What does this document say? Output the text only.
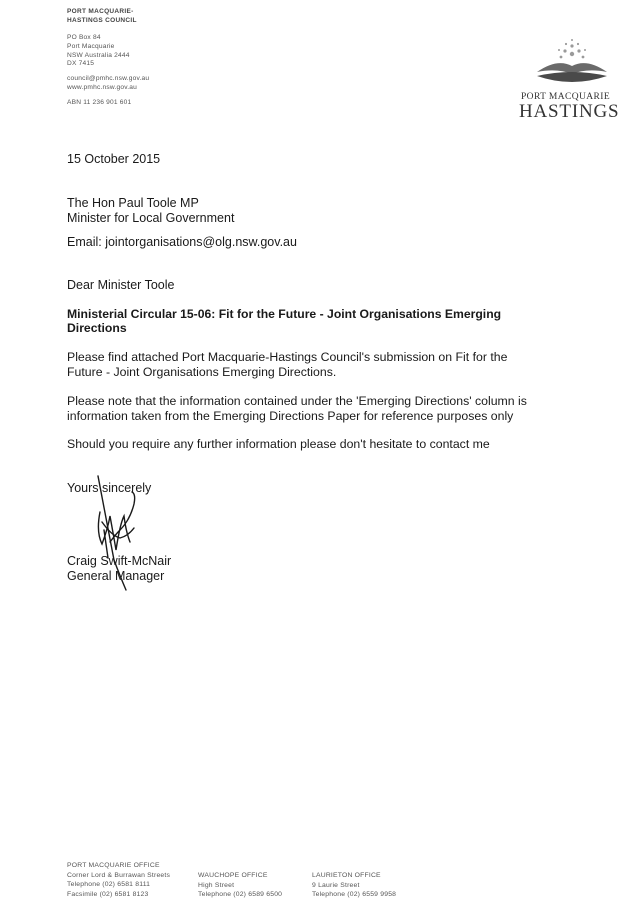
PORT MACQUARIE-
HASTINGS COUNCIL
PO Box 84
Port Macquarie
NSW Australia 2444
DX 7415
council@pmhc.nsw.gov.au
www.pmhc.nsw.gov.au
ABN 11 236 901 601
PORT MACQUARIE
HASTINGS
15 October 2015
The Hon Paul Toole MP
Minister for Local Government
Email: jointorganisations@olg.nsw.gov.au
Dear Minister Toole
Ministerial Circular 15-06: Fit for the Future - Joint Organisations Emerging
Directions
Please find attached Port Macquarie-Hastings Council's submission on Fit for the
Future - Joint Organisations Emerging Directions.
Please note that the information contained under the 'Emerging Directions' column is
information taken from the Emerging Directions Paper for reference purposes only
Should you require any further information please don't hesitate to contact me
Yours sincerely
Craig Swift-McNair
General Manager
PORT MACQUARIE OFFICE
Corner Lord & Burrawan Streets
Telephone (02) 6581 8111
Facsimile (02) 6581 8123
WAUCHOPE OFFICE
High Street
Telephone (02) 6589 6500
LAURIETON OFFICE
9 Laurie Street
Telephone (02) 6559 9958
